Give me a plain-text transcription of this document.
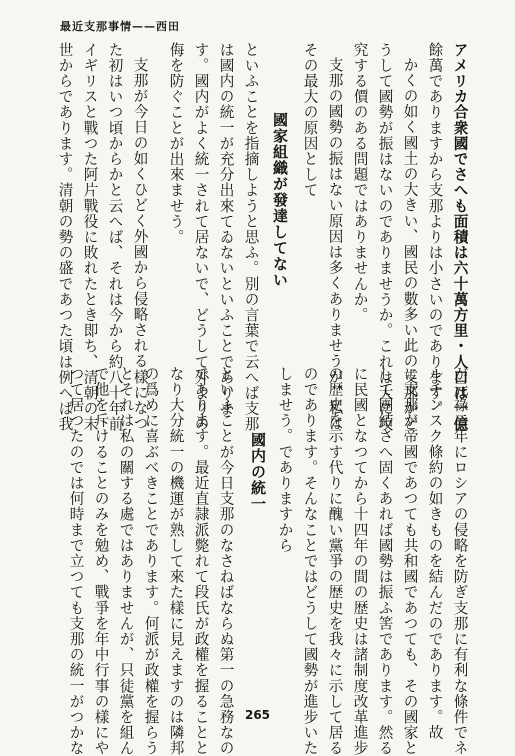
最近支那事情——西田
アメリカ合衆國でさへも面積は六十萬方里・人口は一億
餘萬でありますから支那よりは小さいのであります。
かくの如く國土の大きい、國民の數多い此の支那がど
うして國勢が振はないのでありませうか。これは大に攻
究する價のある問題ではありませんか。
支那の國勢の振はない原因は多くありませうが、私は
その最大の原因として
國家組織が發達してない
といふことを指摘しようと思ふ。別の言葉で云へば支那
は國内の統一が充分出來てゐないといふことでありま
す。國内がよく統一されて居ないで、どうして外よりの
侮を防ぐことが出來ませう。
支那が今日の如くひどく外國から侵略される樣になつ
た初はいつ頃からかと云へば、それは今から約八十年前
イギリスと戰つた阿片戰役に敗れたとき即ち、清朝の末
世からであります。清朝の勢の盛であつた頃は例へば我
が元祿二年にロシアの侵略を防ぎ支那に有利な條件でネ
ルチンスク條約の如きものを結んだのであります。故
に支那が帝國であつても共和國であつても、その國家と
して團結さへ固くあれば國勢は振ふ筈であります。然る
に民國となつてから十四年の間の歴史は諸制度改革進步
の歴史を示す代りに醜い黨爭の歴史を我々に示して居る
のであります。そんなことではどうして國勢が進步いた
しませう。でありますから
國内の統一
といふことが今日支那のなさねばならぬ第一の急務なの
であります。最近直隷派斃れて段氏が政權を握ることと
なり大分統一の機運が熟して來た樣に見えますのは隣邦
の爲めに喜ぶべきことであります。何派が政權を握らう
とそれは私の關する處ではありませんが、只徒黨を組ん
で他を斥けることのみを勉め、戰爭を年中行事の樣にや
つて居つたのでは何時まで立つても支那の統一がつかな	265
